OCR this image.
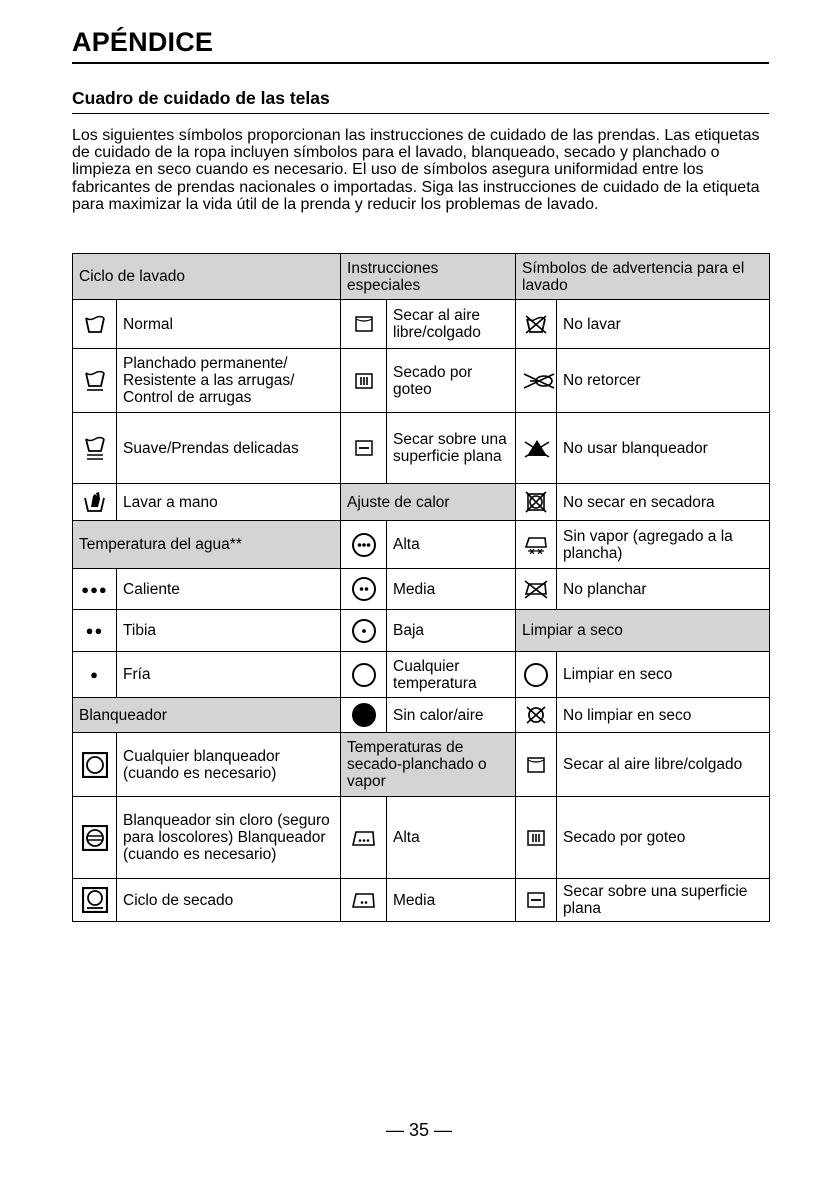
APÉNDICE
Cuadro de cuidado de las telas

Los siguientes símbolos proporcionan las instrucciones de cuidado de las prendas. Las etiquetas de cuidado de la ropa incluyen símbolos para el lavado, blanqueado, secado y planchado o limpieza en seco cuando es necesario. El uso de símbolos asegura uniformidad entre los fabricantes de prendas nacionales o importadas. Siga las instrucciones de cuidado de la etiqueta para maximizar la vida útil de la prenda y reducir los problemas de lavado.

Ciclo de lavado		Instrucciones especiales		Símbolos de advertencia para el lavado	
	Normal		Secar al aire libre/colgado		No lavar
	Planchado permanente/ Resistente a las arrugas/ Control de arrugas		Secado por goteo		No retorcer
	Suave/Prendas delicadas		Secar sobre una superficie plana		No usar blanqueador
	Lavar a mano	Ajuste de calor			No secar en secadora
Temperatura del agua**			Alta		Sin vapor (agregado a la plancha)
●●●	Caliente		Media		No planchar
●●	Tibia		Baja	Limpiar a seco	
●	Fría		Cualquier temperatura		Limpiar en seco
Blanqueador			Sin calor/aire		No limpiar en seco
	Cualquier blanqueador (cuando es necesario)	Temperaturas de secado-planchado o vapor			Secar al aire libre/colgado
	Blanqueador sin cloro (seguro para loscolores) Blanqueador (cuando es necesario)		Alta		Secado por goteo
	Ciclo de secado		Media		Secar sobre una superficie plana
— 35 —
